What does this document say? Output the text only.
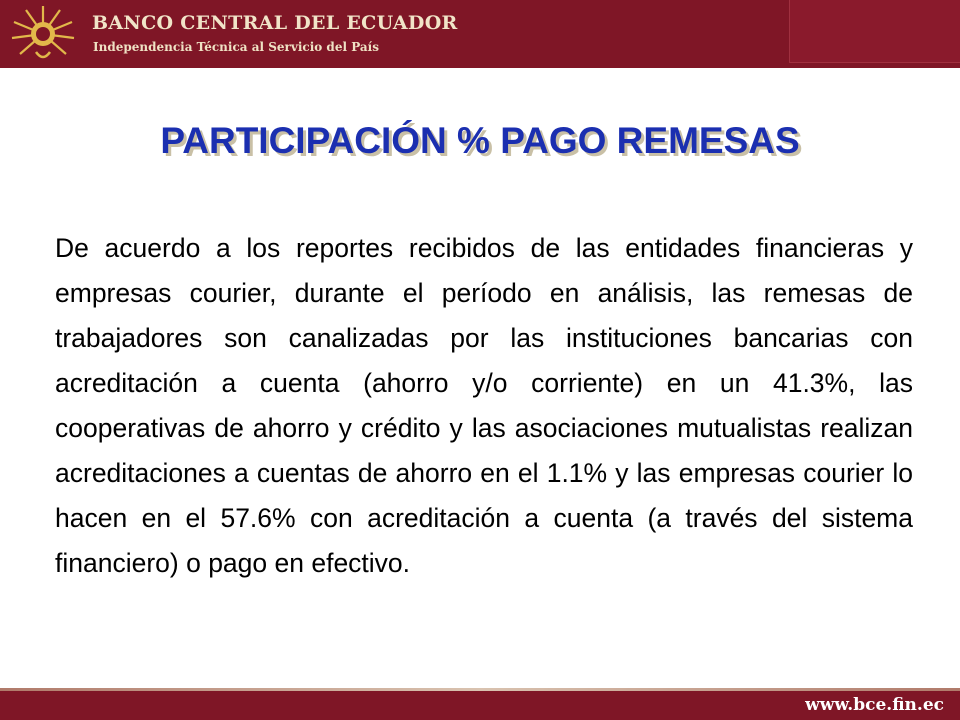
BANCO CENTRAL DEL ECUADOR
Independencia Técnica al Servicio del País
PARTICIPACIÓN % PAGO REMESAS

De acuerdo a los reportes recibidos de las entidades financieras y empresas courier, durante el período en análisis, las remesas de trabajadores son canalizadas por las instituciones bancarias con acreditación a cuenta (ahorro y/o corriente) en un 41.3%, las cooperativas de ahorro y crédito y las asociaciones mutualistas realizan acreditaciones a cuentas de ahorro en el 1.1% y las empresas courier lo hacen en el 57.6% con acreditación a cuenta (a través del sistema financiero) o pago en efectivo.

www.bce.fin.ec
